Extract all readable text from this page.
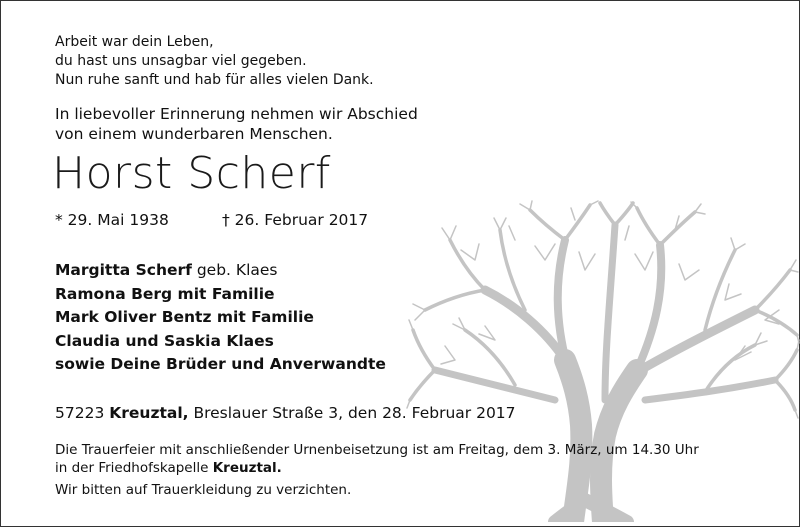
Arbeit war dein Leben,
du hast uns unsagbar viel gegeben.
Nun ruhe sanft und hab für alles vielen Dank.
In liebevoller Erinnerung nehmen wir Abschied
von einem wunderbaren Menschen.
Horst Scherf
* 29. Mai 1938	† 26. Februar 2017
Margitta Scherf geb. Klaes
Ramona Berg mit Familie
Mark Oliver Bentz mit Familie
Claudia und Saskia Klaes
sowie Deine Brüder und Anverwandte
57223 Kreuztal, Breslauer Straße 3, den 28. Februar 2017
Die Trauerfeier mit anschließender Urnenbeisetzung ist am Freitag, dem 3. März, um 14.30 Uhr
in der Friedhofskapelle Kreuztal.
Wir bitten auf Trauerkleidung zu verzichten.
